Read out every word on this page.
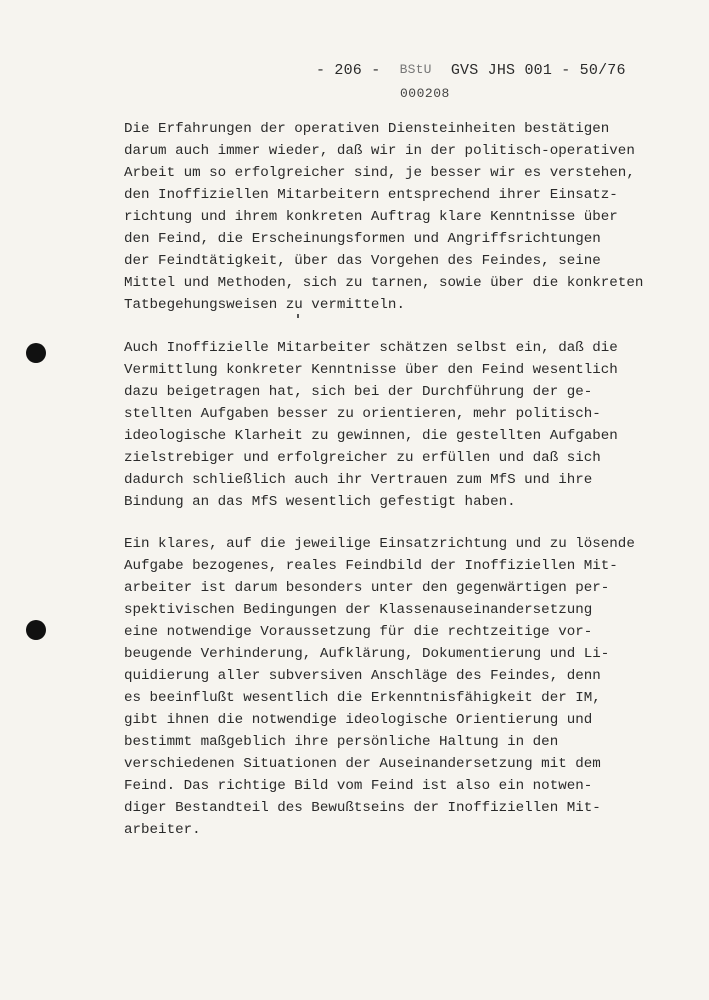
- 206 - BStU GVS JHS 001 - 50/76
000208
Die Erfahrungen der operativen Diensteinheiten bestätigen
darum auch immer wieder, daß wir in der politisch-operativen
Arbeit um so erfolgreicher sind, je besser wir es verstehen,
den Inoffiziellen Mitarbeitern entsprechend ihrer Einsatz-
richtung und ihrem konkreten Auftrag klare Kenntnisse über
den Feind, die Erscheinungsformen und Angriffsrichtungen
der Feindtätigkeit, über das Vorgehen des Feindes, seine
Mittel und Methoden, sich zu tarnen, sowie über die konkreten
Tatbegehungsweisen zu vermitteln.
Auch Inoffizielle Mitarbeiter schätzen selbst ein, daß die
Vermittlung konkreter Kenntnisse über den Feind wesentlich
dazu beigetragen hat, sich bei der Durchführung der ge-
stellten Aufgaben besser zu orientieren, mehr politisch-
ideologische Klarheit zu gewinnen, die gestellten Aufgaben
zielstrebiger und erfolgreicher zu erfüllen und daß sich
dadurch schließlich auch ihr Vertrauen zum MfS und ihre
Bindung an das MfS wesentlich gefestigt haben.
Ein klares, auf die jeweilige Einsatzrichtung und zu lösende
Aufgabe bezogenes, reales Feindbild der Inoffiziellen Mit-
arbeiter ist darum besonders unter den gegenwärtigen per-
spektivischen Bedingungen der Klassenauseinandersetzung
eine notwendige Voraussetzung für die rechtzeitige vor-
beugende Verhinderung, Aufklärung, Dokumentierung und Li-
quidierung aller subversiven Anschläge des Feindes, denn
es beeinflußt wesentlich die Erkenntnisfähigkeit der IM,
gibt ihnen die notwendige ideologische Orientierung und
bestimmt maßgeblich ihre persönliche Haltung in den
verschiedenen Situationen der Auseinandersetzung mit dem
Feind. Das richtige Bild vom Feind ist also ein notwen-
diger Bestandteil des Bewußtseins der Inoffiziellen Mit-
arbeiter.
